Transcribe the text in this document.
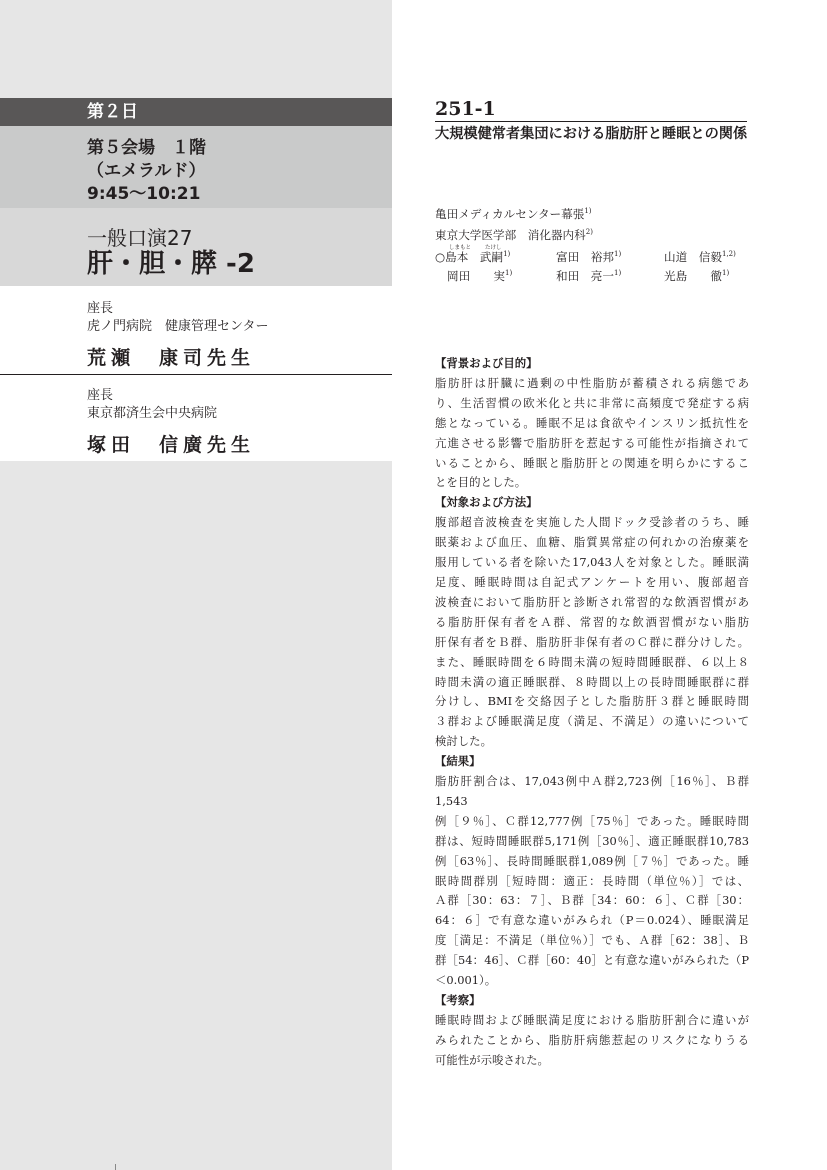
第２日
第５会場　１階
（エメラルド）
9:45～10:21
一般口演27
肝・胆・膵 -2
座長
虎ノ門病院　健康管理センター
荒瀬　康司先生
座長
東京都済生会中央病院
塚田　信廣先生
251-1
大規模健常者集団における脂肪肝と睡眠との関係
亀田メディカルセンター幕張$^{1)}$
東京大学医学部　消化器内科$^{2)}$
しまもと	たけし
○島本　武嗣$^{1)}$	富田　裕邦$^{1)}$	山道　信毅$^{1,2)}$
岡田　　実$^{1)}$	和田　亮一$^{1)}$	光島　　徹$^{1)}$
【背景および目的】

脂肪肝は肝臓に過剰の中性脂肪が蓄積される病態であ

り、生活習慣の欧米化と共に非常に高頻度で発症する病

態となっている。睡眠不足は食欲やインスリン抵抗性を

亢進させる影響で脂肪肝を惹起する可能性が指摘されて

いることから、睡眠と脂肪肝との関連を明らかにするこ

とを目的とした。

【対象および方法】

腹部超音波検査を実施した人間ドック受診者のうち、睡

眠薬および血圧、血糖、脂質異常症の何れかの治療薬を

服用している者を除いた17,043人を対象とした。睡眠満

足度、睡眠時間は自記式アンケートを用い、腹部超音

波検査において脂肪肝と診断され常習的な飲酒習慣があ

る脂肪肝保有者をＡ群、常習的な飲酒習慣がない脂肪

肝保有者をＢ群、脂肪肝非保有者のＣ群に群分けした。

また、睡眠時間を６時間未満の短時間睡眠群、６以上８

時間未満の適正睡眠群、８時間以上の長時間睡眠群に群

分けし、BMIを交絡因子とした脂肪肝３群と睡眠時間

３群および睡眠満足度（満足、不満足）の違いについて

検討した。

【結果】

脂肪肝割合は、17,043例中Ａ群2,723例［16％］、Ｂ群1,543

例［９％］、Ｃ群12,777例［75％］であった。睡眠時間

群は、短時間睡眠群5,171例［30％］、適正睡眠群10,783

例［63％］、長時間睡眠群1,089例［７％］であった。睡

眠時間群別［短時間：適正：長時間（単位％）］では、

Ａ群［30：63：７］、Ｂ群［34：60：６］、Ｃ群［30：

64：６］で有意な違いがみられ（P＝0.024）、睡眠満足

度［満足：不満足（単位％）］でも、Ａ群［62：38］、Ｂ

群［54：46］、Ｃ群［60：40］と有意な違いがみられた（P

＜0.001）。

【考察】

睡眠時間および睡眠満足度における脂肪肝割合に違いが

みられたことから、脂肪肝病態惹起のリスクになりうる

可能性が示唆された。
